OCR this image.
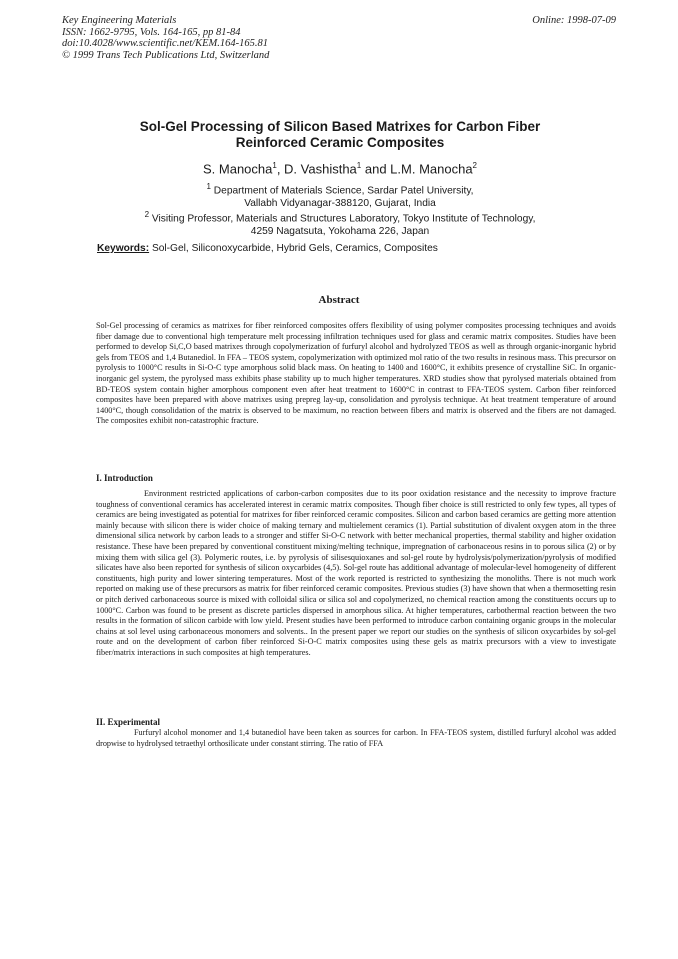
Key Engineering Materials
ISSN: 1662-9795, Vols. 164-165, pp 81-84
doi:10.4028/www.scientific.net/KEM.164-165.81
© 1999 Trans Tech Publications Ltd, Switzerland
Online: 1998-07-09
Sol-Gel Processing of Silicon Based Matrixes for Carbon Fiber
Reinforced Ceramic Composites
S. Manocha$^1$, D. Vashistha$^1$ and L.M. Manocha$^2$
$^1$ Department of Materials Science, Sardar Patel University,
Vallabh Vidyanagar-388120, Gujarat, India
$^2$ Visiting Professor, Materials and Structures Laboratory, Tokyo Institute of Technology,
4259 Nagatsuta, Yokohama 226, Japan
Keywords: Sol-Gel, Siliconoxycarbide, Hybrid Gels, Ceramics, Composites
Abstract
Sol-Gel processing of ceramics as matrixes for fiber reinforced composites offers flexibility of using polymer composites processing techniques and avoids fiber damage due to conventional high temperature melt processing infiltration techniques used for glass and ceramic matrix composites. Studies have been performed to develop Si,C,O based matrixes through copolymerization of furfuryl alcohol and hydrolyzed TEOS as well as through organic-inorganic hybrid gels from TEOS and 1,4 Butanediol. In FFA – TEOS system, copolymerization with optimized mol ratio of the two results in resinous mass. This precursor on pyrolysis to 1000°C results in Si-O-C type amorphous solid black mass. On heating to 1400 and 1600°C, it exhibits presence of crystalline SiC. In organic-inorganic gel system, the pyrolysed mass exhibits phase stability up to much higher temperatures. XRD studies show that pyrolysed materials obtained from BD-TEOS system contain higher amorphous component even after heat treatment to 1600°C in contrast to FFA-TEOS system. Carbon fiber reinforced composites have been prepared with above matrixes using prepreg lay-up, consolidation and pyrolysis technique. At heat treatment temperature of around 1400°C, though consolidation of the matrix is observed to be maximum, no reaction between fibers and matrix is observed and the fibers are not damaged. The composites exhibit non-catastrophic fracture.
I. Introduction
Environment restricted applications of carbon-carbon composites due to its poor oxidation resistance and the necessity to improve fracture toughness of conventional ceramics has accelerated interest in ceramic matrix composites. Though fiber choice is still restricted to only few types, all types of ceramics are being investigated as potential for matrixes for fiber reinforced ceramic composites. Silicon and carbon based ceramics are getting more attention mainly because with silicon there is wider choice of making ternary and multielement ceramics (1). Partial substitution of divalent oxygen atom in the three dimensional silica network by carbon leads to a stronger and stiffer Si-O-C network with better mechanical properties, thermal stability and higher oxidation resistance. These have been prepared by conventional constituent mixing/melting technique, impregnation of carbonaceous resins in to porous silica (2) or by mixing them with silica gel (3). Polymeric routes, i.e. by pyrolysis of silisesquioxanes and sol-gel route by hydrolysis/polymerization/pyrolysis of modified silicates have also been reported for synthesis of silicon oxycarbides (4,5). Sol-gel route has additional advantage of molecular-level homogeneity of different constituents, high purity and lower sintering temperatures. Most of the work reported is restricted to synthesizing the monoliths. There is not much work reported on making use of these precursors as matrix for fiber reinforced ceramic composites. Previous studies (3) have shown that when a thermosetting resin or pitch derived carbonaceous source is mixed with colloidal silica or silica sol and copolymerized, no chemical reaction among the constituents occurs up to 1000°C. Carbon was found to be present as discrete particles dispersed in amorphous silica. At higher temperatures, carbothermal reaction between the two results in the formation of silicon carbide with low yield. Present studies have been performed to introduce carbon containing organic groups in the molecular chains at sol level using carbonaceous monomers and solvents.. In the present paper we report our studies on the synthesis of silicon oxycarbides by sol-gel route and on the development of carbon fiber reinforced Si-O-C matrix composites using these gels as matrix precursors with a view to investigate fiber/matrix interactions in such composites at high temperatures.
II. Experimental
Furfuryl alcohol monomer and 1,4 butanediol have been taken as sources for carbon. In FFA-TEOS system, distilled furfuryl alcohol was added dropwise to hydrolysed tetraethyl orthosilicate under constant stirring. The ratio of FFA
